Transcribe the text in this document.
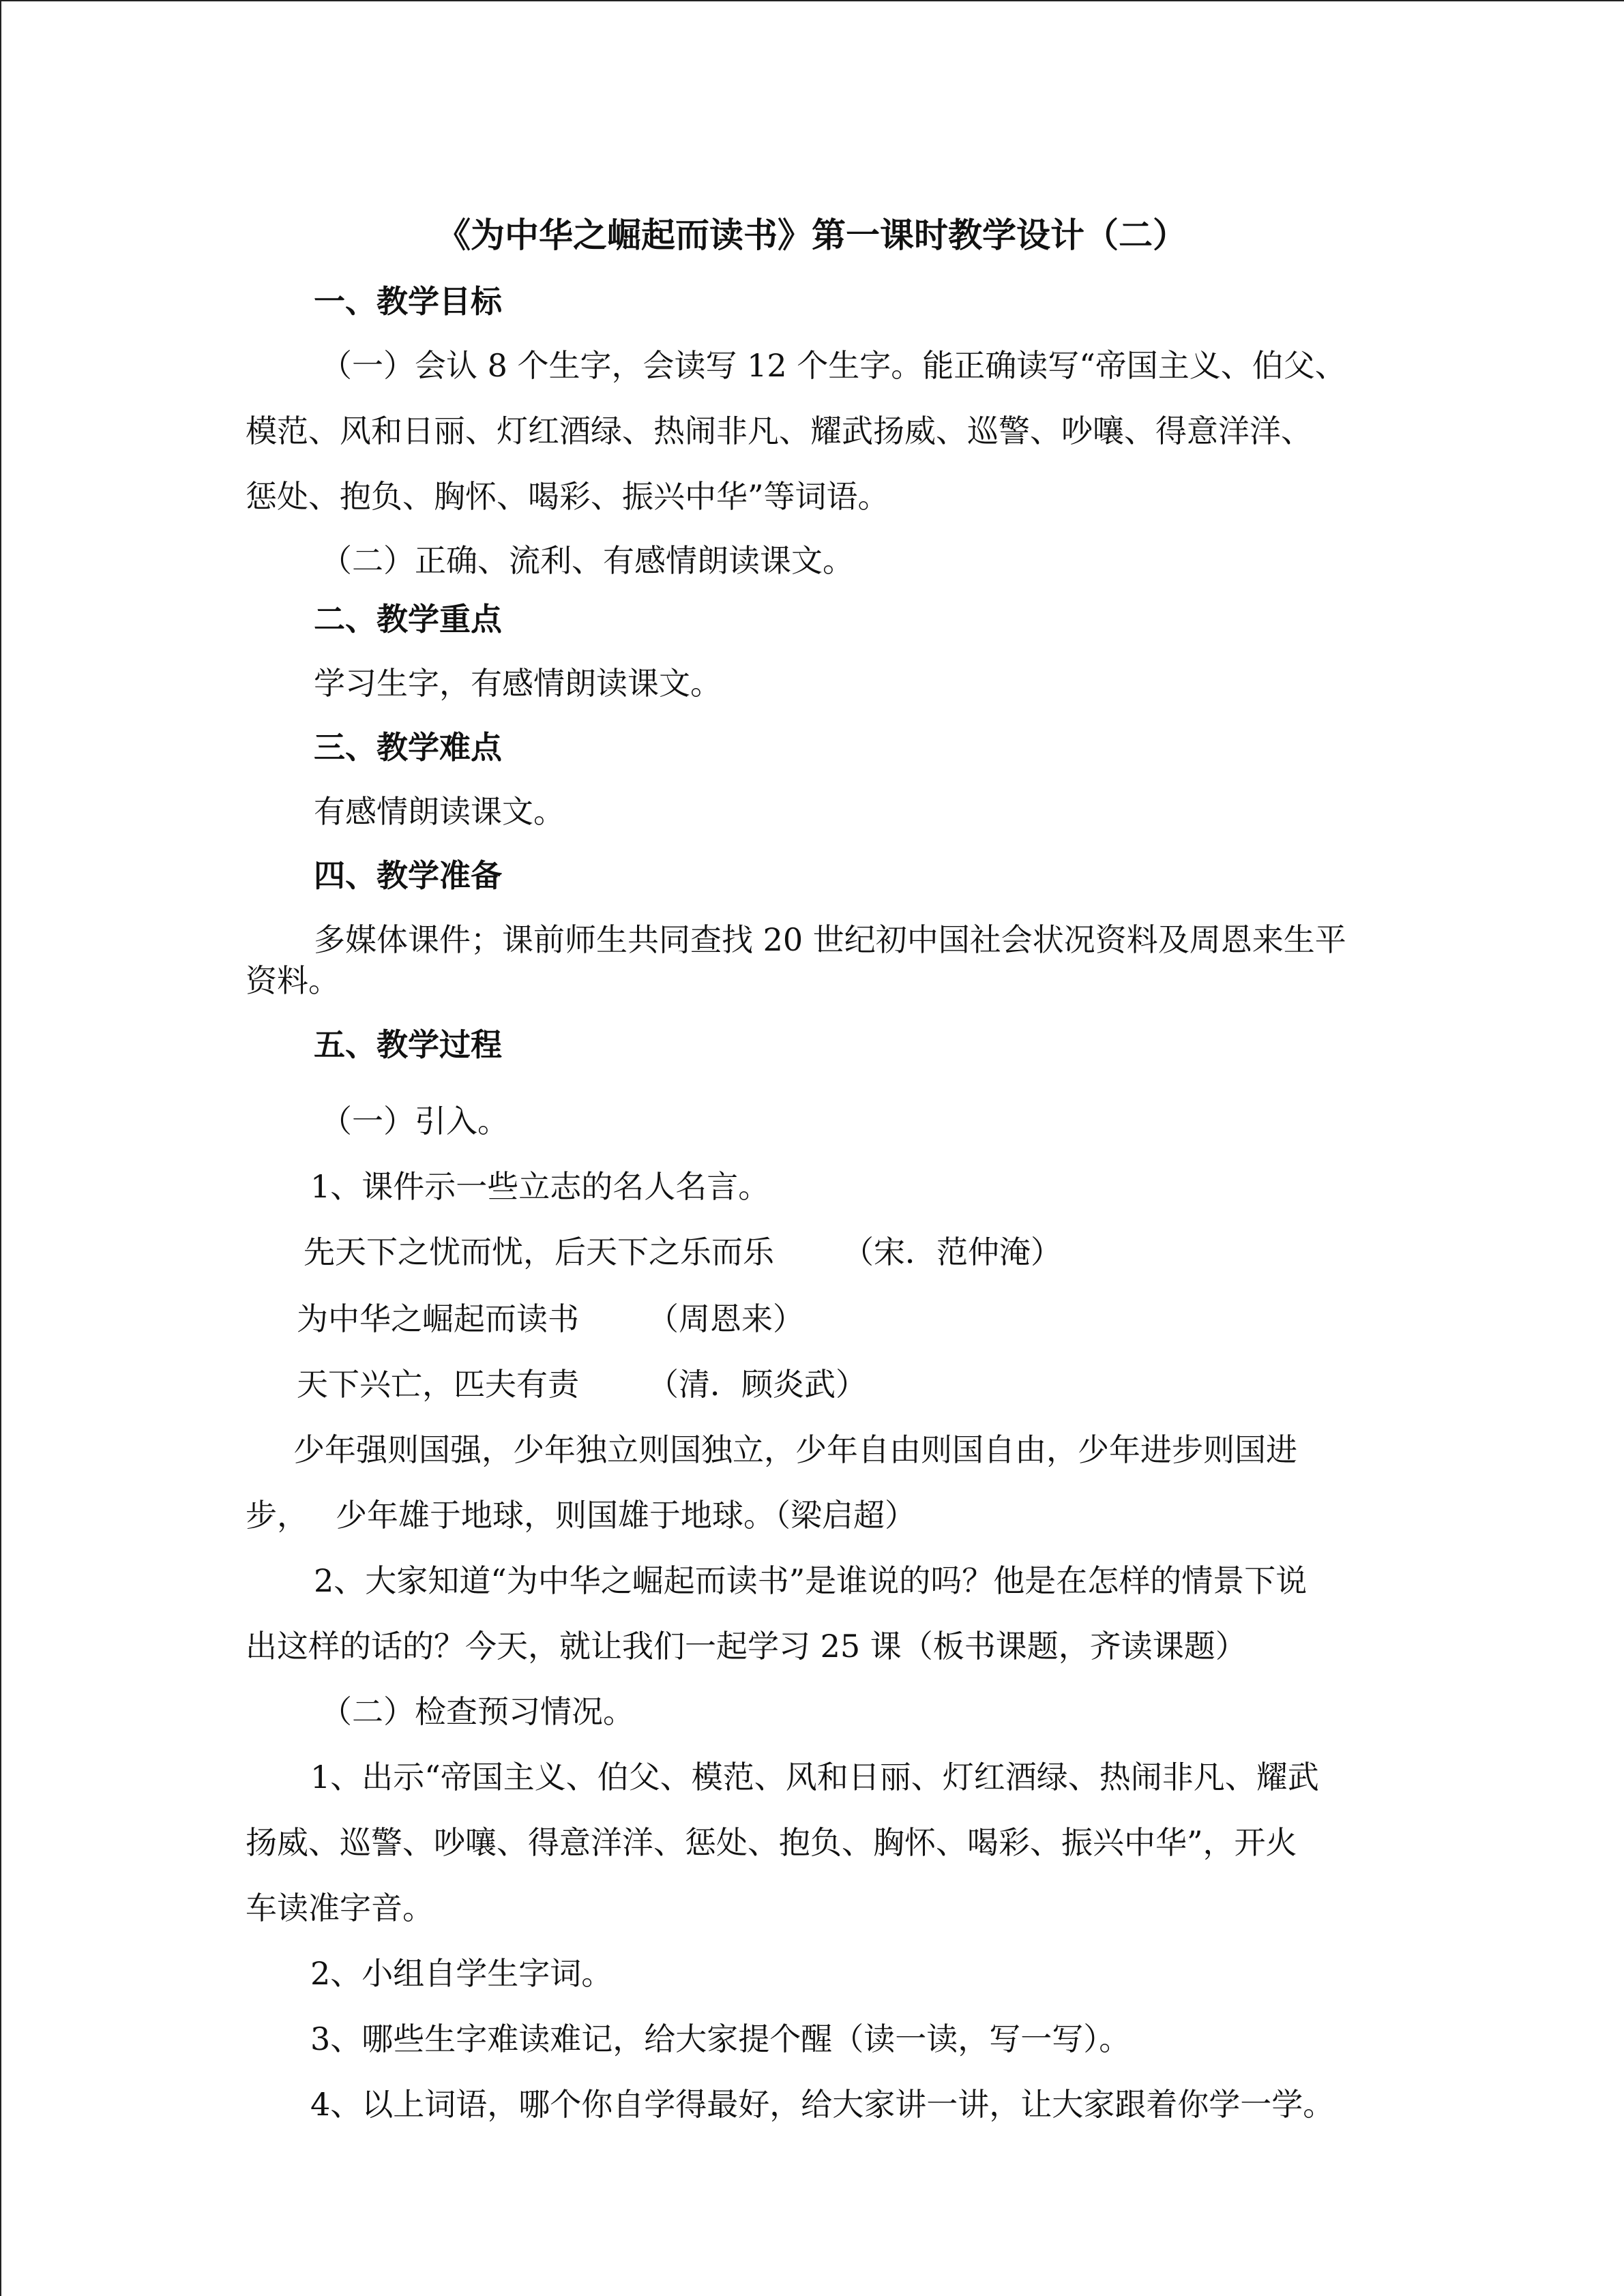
《为中华之崛起而读书》第一课时教学设计（二）
一、教学目标
（一）会认 8 个生字，会读写 12 个生字。能正确读写“帝国主义、伯父、
模范、风和日丽、灯红酒绿、热闹非凡、耀武扬威、巡警、吵嚷、得意洋洋、
惩处、抱负、胸怀、喝彩、振兴中华”等词语。
（二）正确、流利、有感情朗读课文。
二、教学重点
学习生字，有感情朗读课文。
三、教学难点
有感情朗读课文。
四、教学准备
多媒体课件；课前师生共同查找 20 世纪初中国社会状况资料及周恩来生平
资料。
五、教学过程
（一）引入。
1、课件示一些立志的名人名言。
先天下之忧而忧，后天下之乐而乐 （宋．范仲淹）
为中华之崛起而读书 （周恩来）
天下兴亡，匹夫有责 （清．顾炎武）
少年强则国强，少年独立则国独立，少年自由则国自由，少年进步则国进
步， 少年雄于地球，则国雄于地球。（梁启超）
2、大家知道“为中华之崛起而读书”是谁说的吗？他是在怎样的情景下说
出这样的话的？今天，就让我们一起学习 25 课（板书课题，齐读课题）
（二）检查预习情况。
1、出示“帝国主义、伯父、模范、风和日丽、灯红酒绿、热闹非凡、耀武
扬威、巡警、吵嚷、得意洋洋、惩处、抱负、胸怀、喝彩、振兴中华”，开火
车读准字音。
2、小组自学生字词。
3、哪些生字难读难记，给大家提个醒（读一读，写一写）。
4、以上词语，哪个你自学得最好，给大家讲一讲，让大家跟着你学一学。
